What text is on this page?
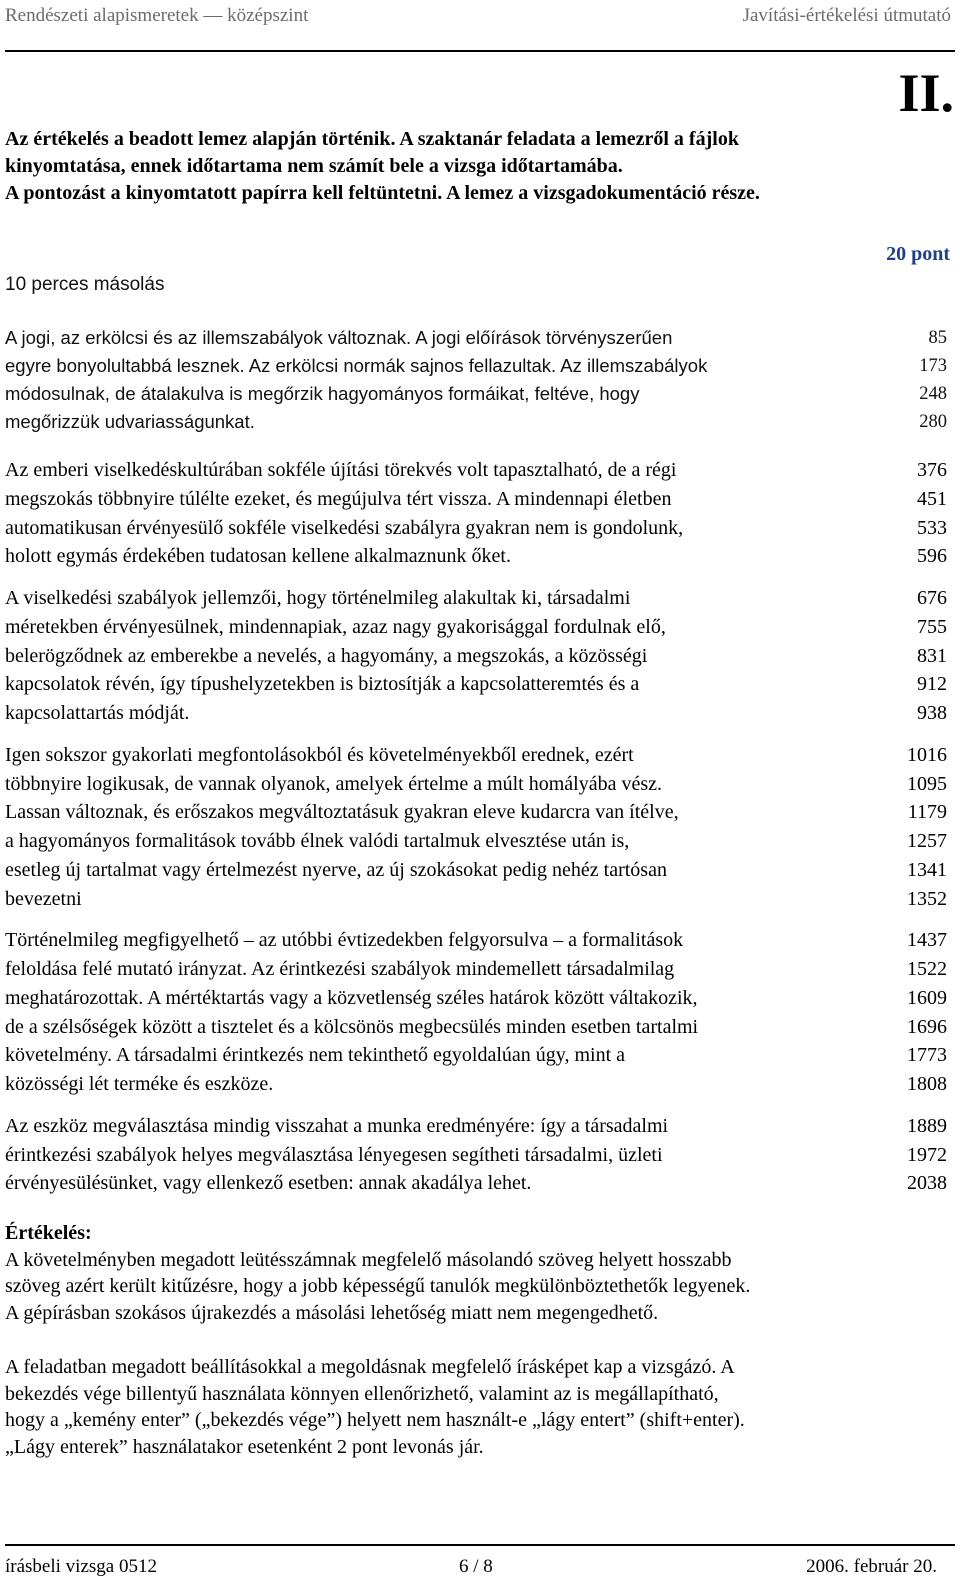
Rendészeti alapismeretek — középszint	Javítási-értékelési útmutató
II.
Az értékelés a beadott lemez alapján történik. A szaktanár feladata a lemezről a fájlok
kinyomtatása, ennek időtartama nem számít bele a vizsga időtartamába.
A pontozást a kinyomtatott papírra kell feltüntetni. A lemez a vizsgadokumentáció része.
20 pont
10 perces másolás
A jogi, az erkölcsi és az illemszabályok változnak. A jogi előírások törvényszerűen	85
egyre bonyolultabbá lesznek. Az erkölcsi normák sajnos fellazultak. Az illemszabályok	173
módosulnak, de átalakulva is megőrzik hagyományos formáikat, feltéve, hogy	248
megőrizzük udvariasságunkat.	280
Az emberi viselkedéskultúrában sokféle újítási törekvés volt tapasztalható, de a régi	376
megszokás többnyire túlélte ezeket, és megújulva tért vissza. A mindennapi életben	451
automatikusan érvényesülő sokféle viselkedési szabályra gyakran nem is gondolunk,	533
holott egymás érdekében tudatosan kellene alkalmaznunk őket.	596
A viselkedési szabályok jellemzői, hogy történelmileg alakultak ki, társadalmi	676
méretekben érvényesülnek, mindennapiak, azaz nagy gyakorisággal fordulnak elő,	755
belerögződnek az emberekbe a nevelés, a hagyomány, a megszokás, a közösségi	831
kapcsolatok révén, így típushelyzetekben is biztosítják a kapcsolatteremtés és a	912
kapcsolattartás módját.	938
Igen sokszor gyakorlati megfontolásokból és követelményekből erednek, ezért	1016
többnyire logikusak, de vannak olyanok, amelyek értelme a múlt homályába vész.	1095
Lassan változnak, és erőszakos megváltoztatásuk gyakran eleve kudarcra van ítélve,	1179
a hagyományos formalitások tovább élnek valódi tartalmuk elvesztése után is,	1257
esetleg új tartalmat vagy értelmezést nyerve, az új szokásokat pedig nehéz tartósan	1341
bevezetni	1352
Történelmileg megfigyelhető – az utóbbi évtizedekben felgyorsulva – a formalitások	1437
feloldása felé mutató irányzat. Az érintkezési szabályok mindemellett társadalmilag	1522
meghatározottak. A mértéktartás vagy a közvetlenség széles határok között váltakozik,	1609
de a szélsőségek között a tisztelet és a kölcsönös megbecsülés minden esetben tartalmi	1696
követelmény. A társadalmi érintkezés nem tekinthető egyoldalúan úgy, mint a	1773
közösségi lét terméke és eszköze.	1808
Az eszköz megválasztása mindig visszahat a munka eredményére: így a társadalmi	1889
érintkezési szabályok helyes megválasztása lényegesen segítheti társadalmi, üzleti	1972
érvényesülésünket, vagy ellenkező esetben: annak akadálya lehet.	2038
Értékelés:
A követelményben megadott leütésszámnak megfelelő másolandó szöveg helyett hosszabb
szöveg azért került kitűzésre, hogy a jobb képességű tanulók megkülönböztethetők legyenek.
A gépírásban szokásos újrakezdés a másolási lehetőség miatt nem megengedhető.
A feladatban megadott beállításokkal a megoldásnak megfelelő írásképet kap a vizsgázó. A
bekezdés vége billentyű használata könnyen ellenőrizhető, valamint az is megállapítható,
hogy a „kemény enter” („bekezdés vége”) helyett nem használt-e „lágy entert” (shift+enter).
„Lágy enterek” használatakor esetenként 2 pont levonás jár.
írásbeli vizsga 0512	6 / 8	2006. február 20.
